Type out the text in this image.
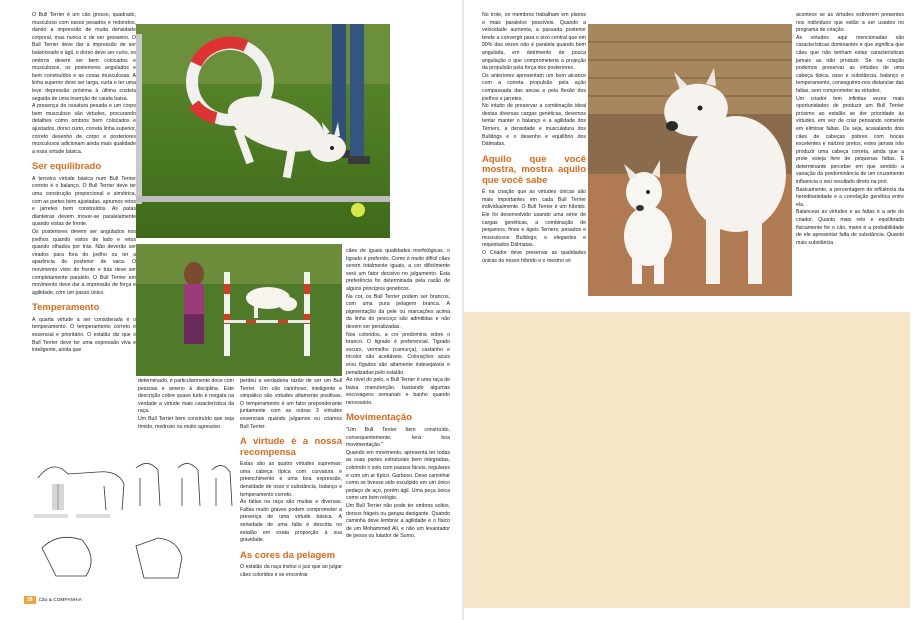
O Bull Terrier é um cão grosso, quadrado, musculoso com ossos pesados e redondos, dando a impressão de muita densidade corporal, mas nunca o de ser grosseiro. O Bull Terrier deve dar a impressão de ser balanceado e ágil, o dorso deve ser curto, os ombros devem ser bem colocados e musculosos, os posteriores angulados e bem construídos e as coxas musculosas. A linha superior deve ser larga, curta e ter uma leve depressão próxima à última costela seguida de uma inserção de cauda baixa.

A presença de ossatura pesada e um corpo bem musculoso são virtudes, procurando detalhes como ombros bem colocados e ajustados, dorso curto, correta linha superior, correto desenho de corpo e posteriores musculosos adicionam ainda mais qualidade a essa virtude básica.

Ser equilibrado

A terceira virtude básica num Bull Terrier correto é o balanço. O Bull Terrier deve ter uma construção proporcional e simétrica, com as partes bem ajustadas, aprumos retos e jarretes bem construídos. As patas dianteiras devem mover-se paralelamente quando vistas de frente.

Os posteriores devem ser angulados nos joelhos quando vistos de lado e retos quando olhados por trás. Não deverão ser virados para fora do joelho ou ter a aparência de posterior de vaca. O movimento visto de frente e trás deve ser completamente paralelo. O Bull Terrier em movimento deve dar a impressão de força e agilidade, com um passo único.

Temperamento

A quarta virtude a ser considerada é o temperamento. O temperamento correto é essencial e prioritário. O estalão diz que o Bull Terrier deve ter uma expressão viva e inteligente, ainda que

determinado, é particularmente doce com pessoas e ameno à disciplina. Este descrição cobre quase tudo e resgata na verdade a virtude mais característica da raça.

Um Bull Terrier bem construído que seja tímido, medroso ou muito agressivo

perdeu a verdadeira razão de ser um Bull Terrier. Um cão carinhoso, inteligente e simpático são virtudes altamente positivas. O temperamento é um fator preponderante juntamente com as outras 3 virtudes essenciais quando julgamos ou criamos Bull Terrier.

A virtude é a nossa recompensa

Estas são as quatro virtudes supremas: uma cabeça típica com curvatura e preenchimento e uma boa expressão, densidade de osso e substância, balanço e temperamento correto.

As faltas na raça são muitas e diversas. Faltas muito graves podem comprometer a presença de uma virtude básica. A seriedade de uma falta é descrita no estalão em exata proporção à sua gravidade.

As cores da pelagem

O estalão da raça instrui o juiz que ao julgar cães coloridos e se encontrar

cães de iguais qualidades morfológicas, o tigrado é preferido. Como é muito difícil cães serem totalmente iguais, a cor dificilmente será um fator decisivo no julgamento. Esta preferência foi determinada pela razão de alguns princípios genéticos.

Na cor, os Bull Terrier podem ser brancos, com uma pura pelagem branca. A pigmentação da pele ou marcações acima da linha do pescoço são admitidas e não devem ser penalizadas.

Nos coloridos, a cor predomina sobre o branco. O tigrado é preferencial. Tigrado escuro, vermelho (camurça), castanho e tricolor são aceitáveis. Colorações azuis e/ou fígados são altamente indesejáveis e penalizadas pelo estalão.

Ao nível do pelo, o Bull Terrier é uma raça de baixa manutenção, bastando algumas escovagens semanais e banho quando necessário.

Movimentação

"Um Bull Terrier bem construído, consequentemente, terá boa movimentação."

Quando em movimento, apresenta ter todas as suas partes estruturais bem integradas, cobrindo o solo com passos fáceis, regulares e com um ar típico. Garboso. Deve caminhar como se tivesse sido esculpido em um único pedaço de aço, porém ágil. Uma peça única como um bom relógio.

Um Bull Terrier não pode ter ombros soltos, dorsos frágeis ou garupa danigante. Quando caminha deve lembrar a agilidade e o físico de um Mohammed Ali, e não um levantador de pesos ou lutador de Sumo.

28	Cão & COMPANHIA

No trote, os membros trabalham em planos e mais paralelos possíveis. Quando a velocidade aumenta, a passada posterior tende a convergir para o eixo central que em 99% das vezes não é paralela quando bem angulada, em detrimento de pouca angulação o que comprometeria a projeção da propulsão pela força dos posteriores.

Os anteriores apresentam um bom alcance com a correta propulsão pela ação compassada das ancas e pela flexão dos joelhos e jarretes.

No intuito de preservar a combinação ideal destas diversas cargas genéticas, devemos tentar manter o balanço e a agilidade dos Terriers, a densidade e musculatura dos Bulldogs e o desenho e equilíbrio dos Dálmatas.

Aquilo que você mostra, mostra aquilo que você sabe

É na criação que as virtudes únicas são mais importantes em cada Bull Terrier individualmente. O Bull Terrier é um híbrido. Ele foi desenvolvido usando uma série de cargas genéticas, a combinação de pequenos, finos e ágeis Terriers; pesados e musculosos Bulldogs; e elegantes e requintados Dálmatas.

O Criador deve preservar as qualidades únicas do nosso híbrido e o mesmo só

acontece se as virtudes estiverem presentes nos indivíduos que estão a ser usados no programa de criação.

As virtudes aqui mencionadas são características dominantes e que significa que cães que não tenham estas características jamais as irão produzir. Se na criação podemos preservar as virtudes de uma cabeça típica, osso e substância, balanço e temperamento, conseguimo-nos distanciar das faltas, sem comprometer as virtudes.

Um criador tem infinitas vezes mais oportunidades de produzir um Bull Terrier próximo ao estalão se der prioridade às virtudes, em vez de criar pensando somente em eliminar faltas. Ou seja, acasalando dois cães de cabeças pobres com bocas excelentes e narizes pretos, estes jamais irão produzir uma cabeça correta, ainda que a prole esteja livre de pequenas faltas. É determinante perceber em que sentido a variação da predominância de um cruzamento influencia o seu resultado direto na prol.

Basicamente, a percentagem de influência da hereditariedade e a correlação genética entre ela.

Balancear as virtudes e as faltas é a arte do criador. Quanto mais reto e equilibrado fisicamente for o cão, maior é a probabilidade de ele apresentar falta de substância. Quanto mais substância
